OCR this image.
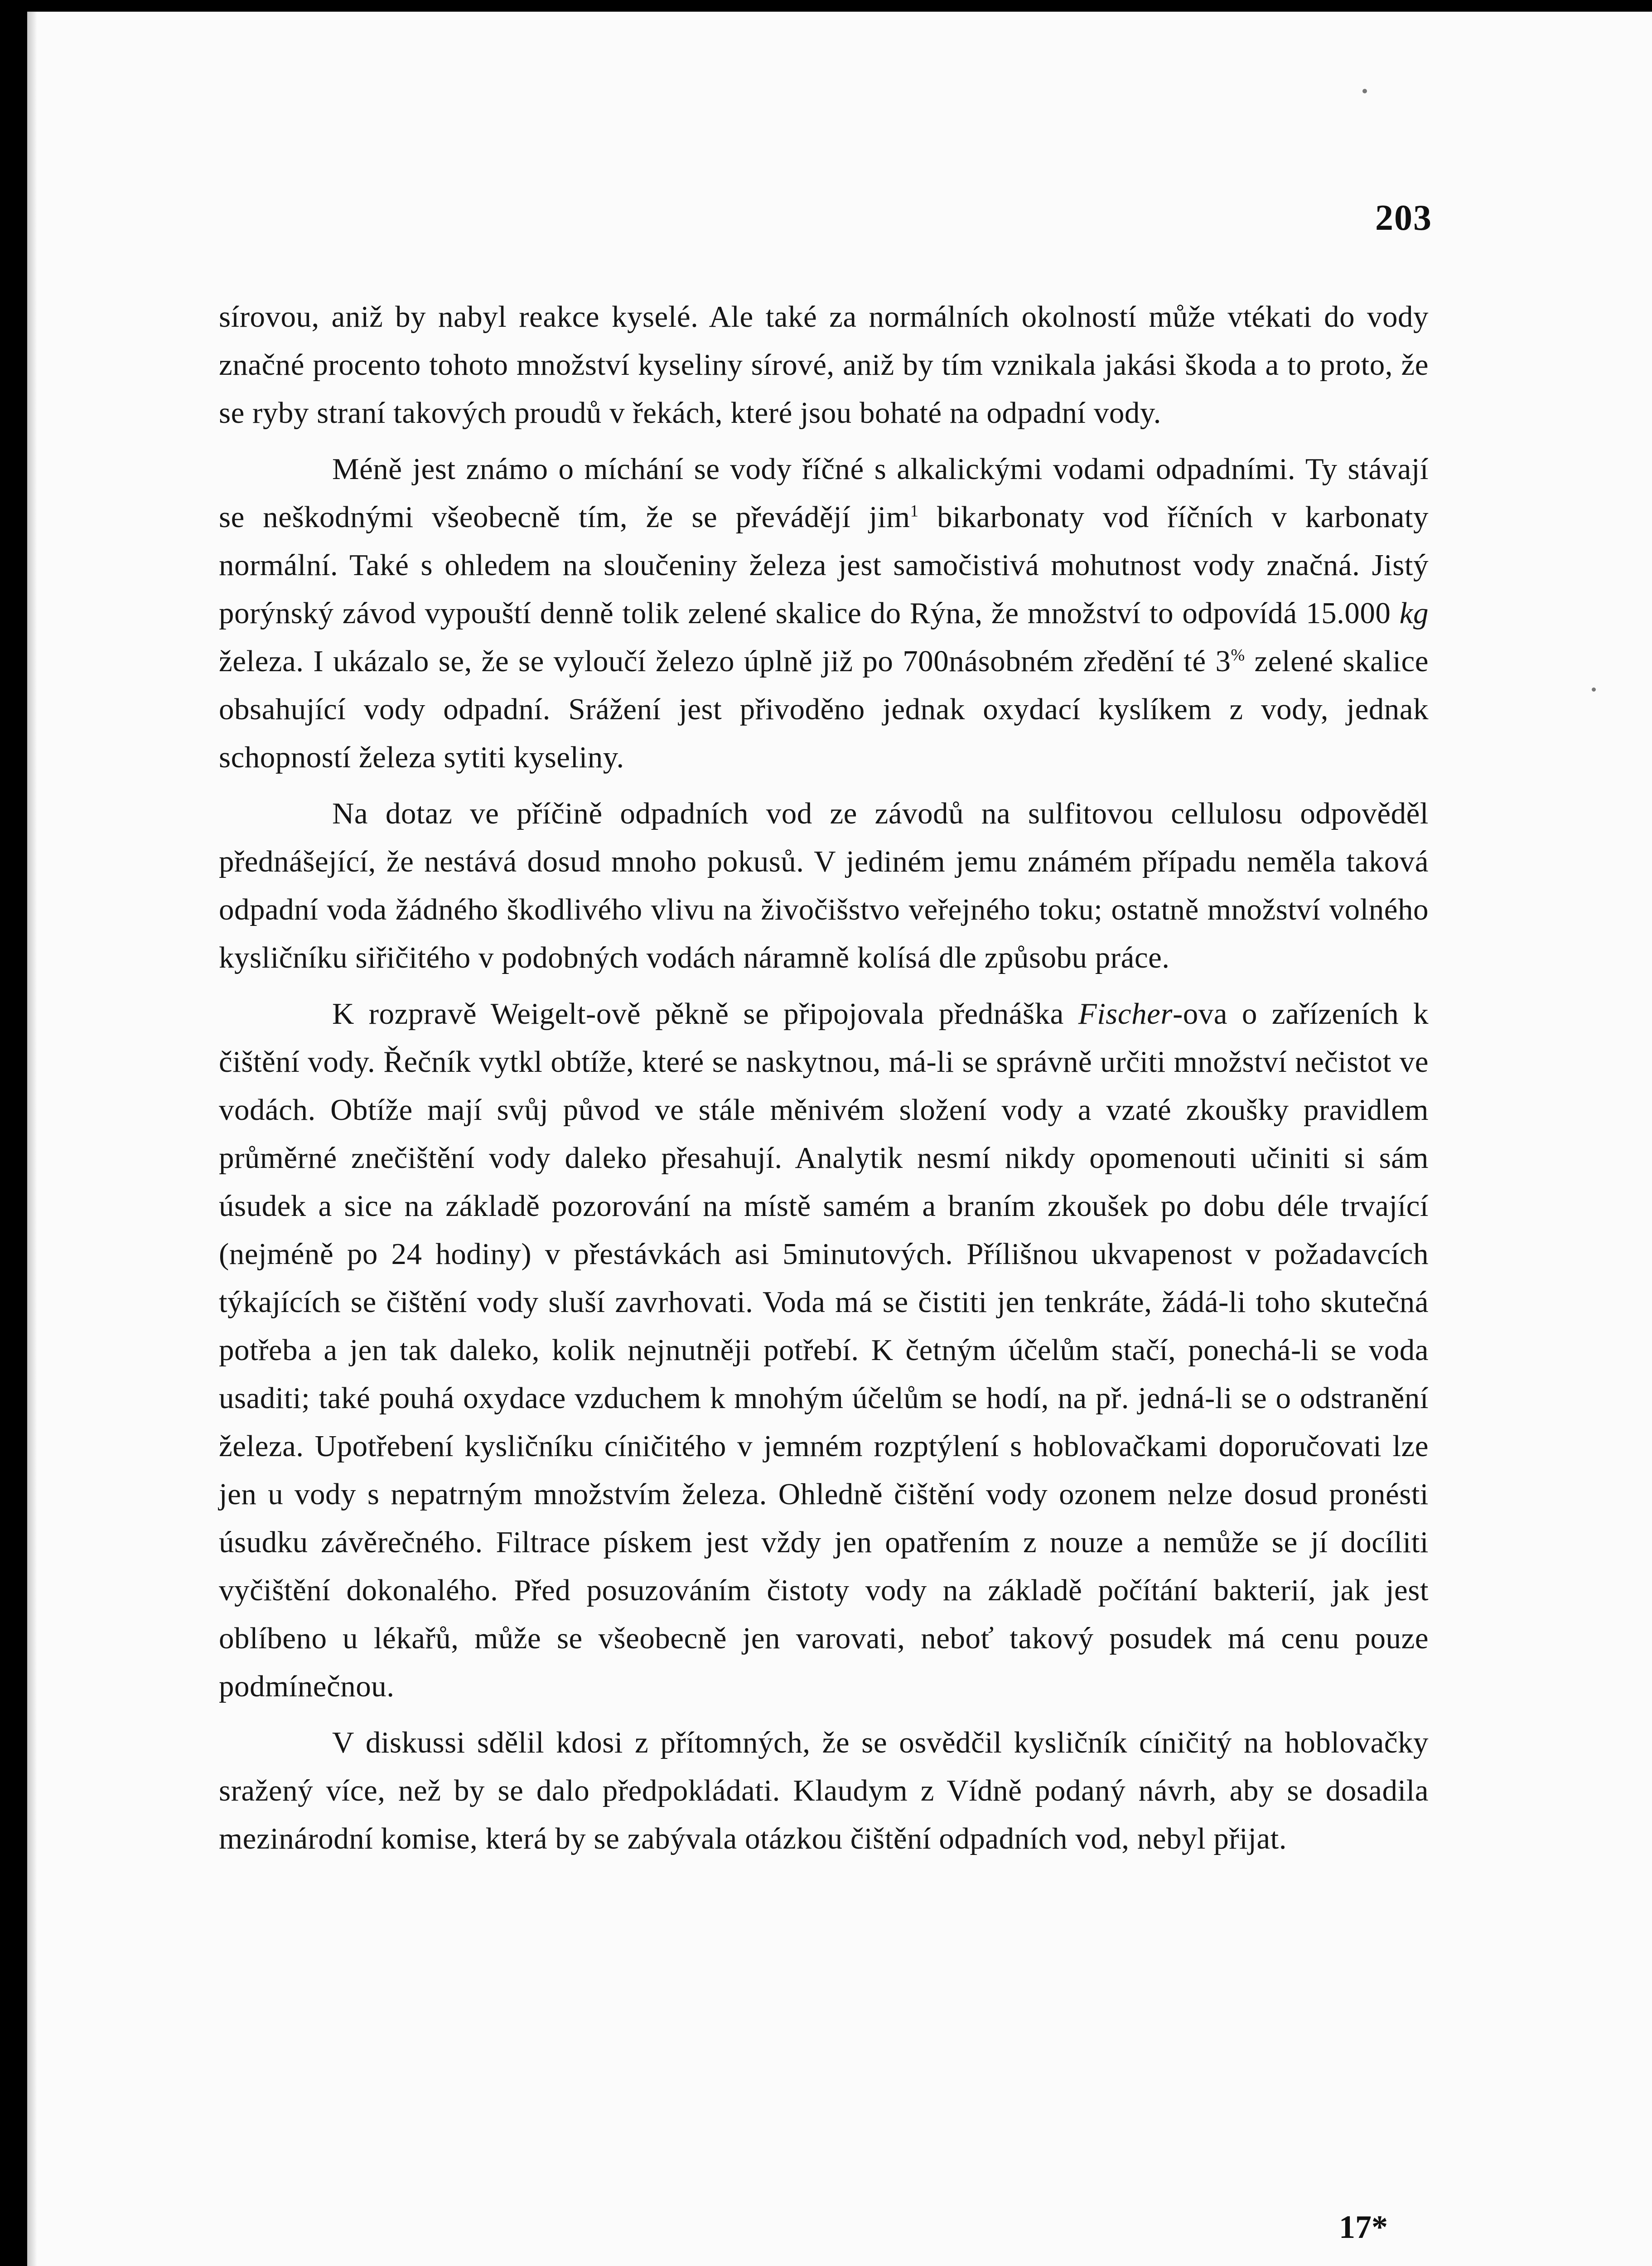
203

sírovou, aniž by nabyl reakce kyselé. Ale také za normálních okolností může vtékati do vody značné procento tohoto množství kyseliny sírové, aniž by tím vznikala jakási škoda a to proto, že se ryby straní takových proudů v řekách, které jsou bohaté na odpadní vody.

Méně jest známo o míchání se vody říčné s alkalickými vodami odpadními. Ty stávají se neškodnými všeobecně tím, že se převádějí jim$^1$ bikarbonaty vod říčních v karbonaty normální. Také s ohledem na sloučeniny železa jest samočistivá mohutnost vody značná. Jistý porýnský závod vypouští denně tolik zelené skalice do Rýna, že množství to odpovídá 15.000 kg železa. I ukázalo se, že se vyloučí železo úplně již po 700násobném zředění té 3% zelené skalice obsahující vody odpadní. Srážení jest přivoděno jednak oxydací kyslíkem z vody, jednak schopností železa sytiti kyseliny.

Na dotaz ve příčině odpadních vod ze závodů na sulfitovou cellulosu odpověděl přednášející, že nestává dosud mnoho pokusů. V jediném jemu známém případu neměla taková odpadní voda žádného škodlivého vlivu na živočišstvo veřejného toku; ostatně množství volného kysličníku siřičitého v podobných vodách náramně kolísá dle způsobu práce.

K rozpravě Weigelt-ově pěkně se připojovala přednáška Fischer-ova o zařízeních k čištění vody. Řečník vytkl obtíže, které se naskytnou, má-li se správně určiti množství nečistot ve vodách. Obtíže mají svůj původ ve stále měnivém složení vody a vzaté zkoušky pravidlem průměrné znečištění vody daleko přesahují. Analytik nesmí nikdy opomenouti učiniti si sám úsudek a sice na základě pozorování na místě samém a braním zkoušek po dobu déle trvající (nejméně po 24 hodiny) v přestávkách asi 5minutových. Přílišnou ukvapenost v požadavcích týkajících se čištění vody sluší zavrhovati. Voda má se čistiti jen tenkráte, žádá-li toho skutečná potřeba a jen tak daleko, kolik nejnutněji potřebí. K četným účelům stačí, ponechá-li se voda usaditi; také pouhá oxydace vzduchem k mnohým účelům se hodí, na př. jedná-li se o odstranění železa. Upotřebení kysličníku cíničitého v jemném rozptýlení s hoblovačkami doporučovati lze jen u vody s nepatrným množstvím železa. Ohledně čištění vody ozonem nelze dosud pronésti úsudku závěrečného. Filtrace pískem jest vždy jen opatřením z nouze a nemůže se jí docíliti vyčištění dokonalého. Před posuzováním čistoty vody na základě počítání bakterií, jak jest oblíbeno u lékařů, může se všeobecně jen varovati, neboť takový posudek má cenu pouze podmínečnou.

V diskussi sdělil kdosi z přítomných, že se osvědčil kysličník cíničitý na hoblovačky sražený více, než by se dalo předpokládati. Klaudym z Vídně podaný návrh, aby se dosadila mezinárodní komise, která by se zabývala otázkou čištění odpadních vod, nebyl přijat.

17*
